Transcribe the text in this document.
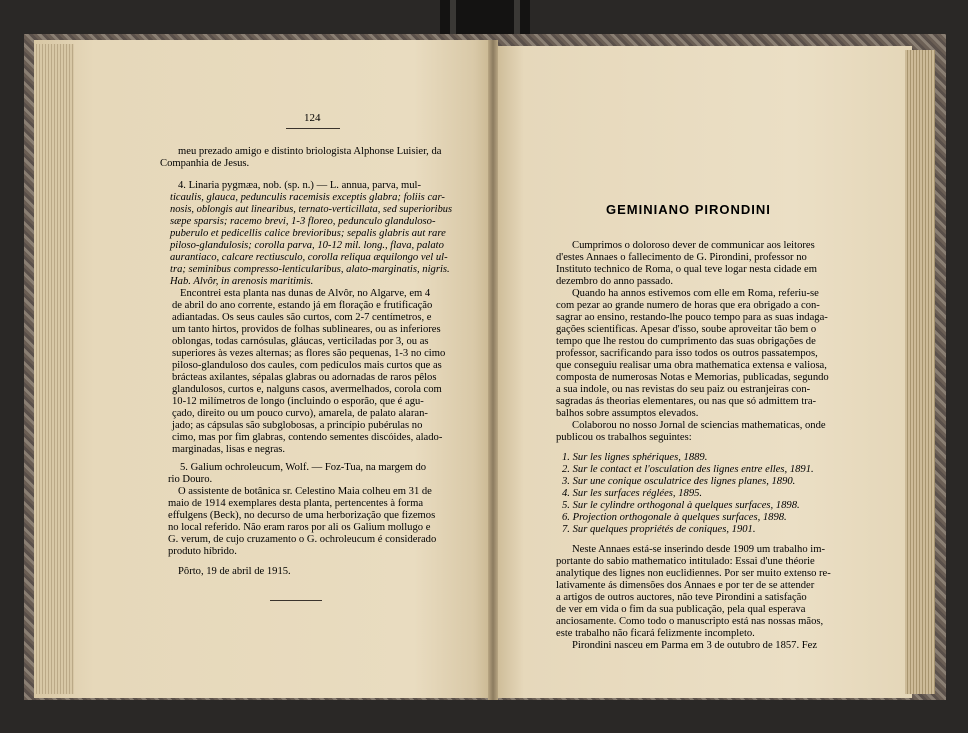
124
meu prezado amigo e distinto briologista Alphonse Luisier, da
Companhia de Jesus.
4. Linaria pygmæa, nob. (sp. n.) — L. annua, parva, mul-
ticaulis, glauca, pedunculis racemisis exceptis glabra; foliis car-
nosis, oblongis aut linearibus, ternato-verticillata, sed superioribus
sæpe sparsis; racemo brevi, 1-3 floreo, pedunculo glanduloso-
puberulo et pedicellis calice brevioribus; sepalis glabris aut rare
piloso-glandulosis; corolla parva, 10-12 mil. long., flava, palato
aurantiaco, calcare rectiusculo, corolla reliqua æquilongo vel ul-
tra; seminibus compresso-lenticularibus, alato-marginatis, nigris.
Hab. Alvôr, in arenosis maritimis.
Encontrei esta planta nas dunas de Alvôr, no Algarve, em 4
de abril do ano corrente, estando já em floração e frutificação
adiantadas. Os seus caules são curtos, com 2-7 centímetros, e
um tanto hirtos, providos de folhas sublineares, ou as inferiores
oblongas, todas carnósulas, gláucas, verticiladas por 3, ou as
superiores às vezes alternas; as flores são pequenas, 1-3 no cimo
piloso-glanduloso dos caules, com pedículos mais curtos que as
brácteas axilantes, sépalas glabras ou adornadas de raros pêlos
glandulosos, curtos e, nalguns casos, avermelhados, corola com
10-12 milímetros de longo (incluindo o esporão, que é agu-
çado, direito ou um pouco curvo), amarela, de palato alaran-
jado; as cápsulas são subglobosas, a princípio pubérulas no
cimo, mas por fim glabras, contendo sementes discóides, alado-
marginadas, lisas e negras.
5. Galium ochroleucum, Wolf. — Foz-Tua, na margem do
rio Douro.
O assistente de botânica sr. Celestino Maia colheu em 31 de
maio de 1914 exemplares desta planta, pertencentes à forma
effulgens (Beck), no decurso de uma herborização que fizemos
no local referido. Não eram raros por ali os Galium mollugo e
G. verum, de cujo cruzamento o G. ochroleucum é considerado
produto híbrido.
Pôrto, 19 de abril de 1915.
GEMINIANO PIRONDINI
Cumprimos o doloroso dever de communicar aos leitores
d'estes Annaes o fallecimento de G. Pirondini, professor no
Instituto technico de Roma, o qual teve logar nesta cidade em
dezembro do anno passado.
Quando ha annos estivemos com elle em Roma, referiu-se
com pezar ao grande numero de horas que era obrigado a con-
sagrar ao ensino, restando-lhe pouco tempo para as suas indaga-
gações scientificas. Apesar d'isso, soube aproveitar tão bem o
tempo que lhe restou do cumprimento das suas obrigações de
professor, sacrificando para isso todos os outros passatempos,
que conseguiu realisar uma obra mathematica extensa e valiosa,
composta de numerosas Notas e Memorias, publicadas, segundo
a sua indole, ou nas revistas do seu paiz ou estranjeiras con-
sagradas ás theorias elementares, ou nas que só admittem tra-
balhos sobre assumptos elevados.
Colaborou no nosso Jornal de sciencias mathematicas, onde
publicou os trabalhos seguintes:
1. Sur les lignes sphériques, 1889.
2. Sur le contact et l'osculation des lignes entre elles, 1891.
3. Sur une conique osculatrice des lignes planes, 1890.
4. Sur les surfaces réglées, 1895.
5. Sur le cylindre orthogonal à quelques surfaces, 1898.
6. Projection orthogonale à quelques surfaces, 1898.
7. Sur quelques propriétés de coniques, 1901.
Neste Annaes está-se inserindo desde 1909 um trabalho im-
portante do sabio mathematico intitulado: Essai d'une théorie
analytique des lignes non euclidiennes. Por ser muito extenso re-
lativamente ás dimensões dos Annaes e por ter de se attender
a artigos de outros auctores, não teve Pirondini a satisfação
de ver em vida o fim da sua publicação, pela qual esperava
anciosamente. Como todo o manuscripto está nas nossas mãos,
este trabalho não ficará felizmente incompleto.
Pirondini nasceu em Parma em 3 de outubro de 1857. Fez
